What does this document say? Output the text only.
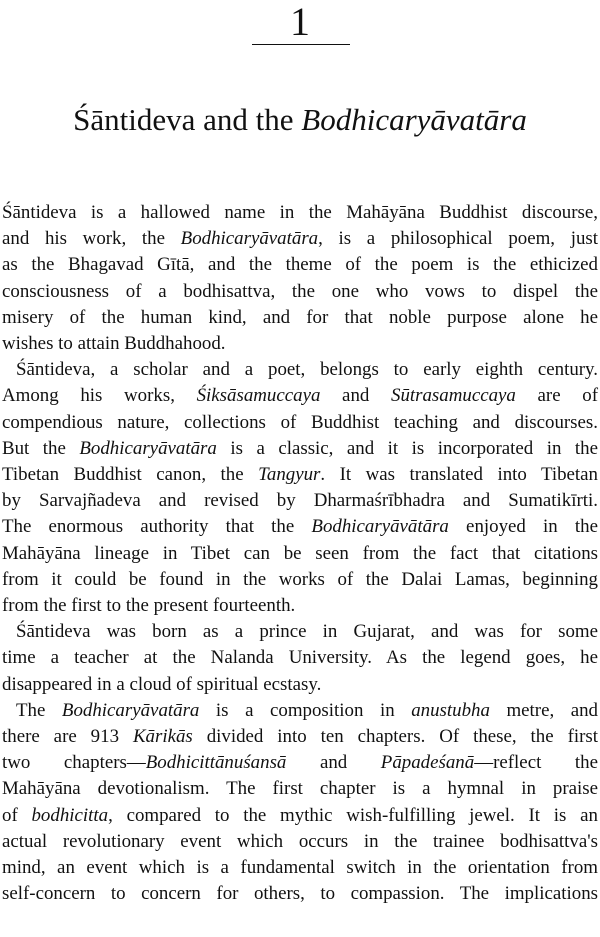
1
Śāntideva and the Bodhicaryāvatāra
Śāntideva is a hallowed name in the Mahāyāna Buddhist discourse,
and his work, the Bodhicaryāvatāra, is a philosophical poem, just
as the Bhagavad Gītā, and the theme of the poem is the ethicized
consciousness of a bodhisattva, the one who vows to dispel the
misery of the human kind, and for that noble purpose alone he
wishes to attain Buddhahood.
Śāntideva, a scholar and a poet, belongs to early eighth century.
Among his works, Śiksāsamuccaya and Sūtrasamuccaya are of
compendious nature, collections of Buddhist teaching and discourses.
But the Bodhicaryāvatāra is a classic, and it is incorporated in the
Tibetan Buddhist canon, the Tangyur. It was translated into Tibetan
by Sarvajñadeva and revised by Dharmaśrībhadra and Sumatikīrti.
The enormous authority that the Bodhicaryāvātāra enjoyed in the
Mahāyāna lineage in Tibet can be seen from the fact that citations
from it could be found in the works of the Dalai Lamas, beginning
from the first to the present fourteenth.
Śāntideva was born as a prince in Gujarat, and was for some
time a teacher at the Nalanda University. As the legend goes, he
disappeared in a cloud of spiritual ecstasy.
The Bodhicaryāvatāra is a composition in anustubha metre, and
there are 913 Kārikās divided into ten chapters. Of these, the first
two chapters—Bodhicittānuśansā and Pāpadeśanā—reflect the
Mahāyāna devotionalism. The first chapter is a hymnal in praise
of bodhicitta, compared to the mythic wish-fulfilling jewel. It is an
actual revolutionary event which occurs in the trainee bodhisattva's
mind, an event which is a fundamental switch in the orientation from
self-concern to concern for others, to compassion. The implications
